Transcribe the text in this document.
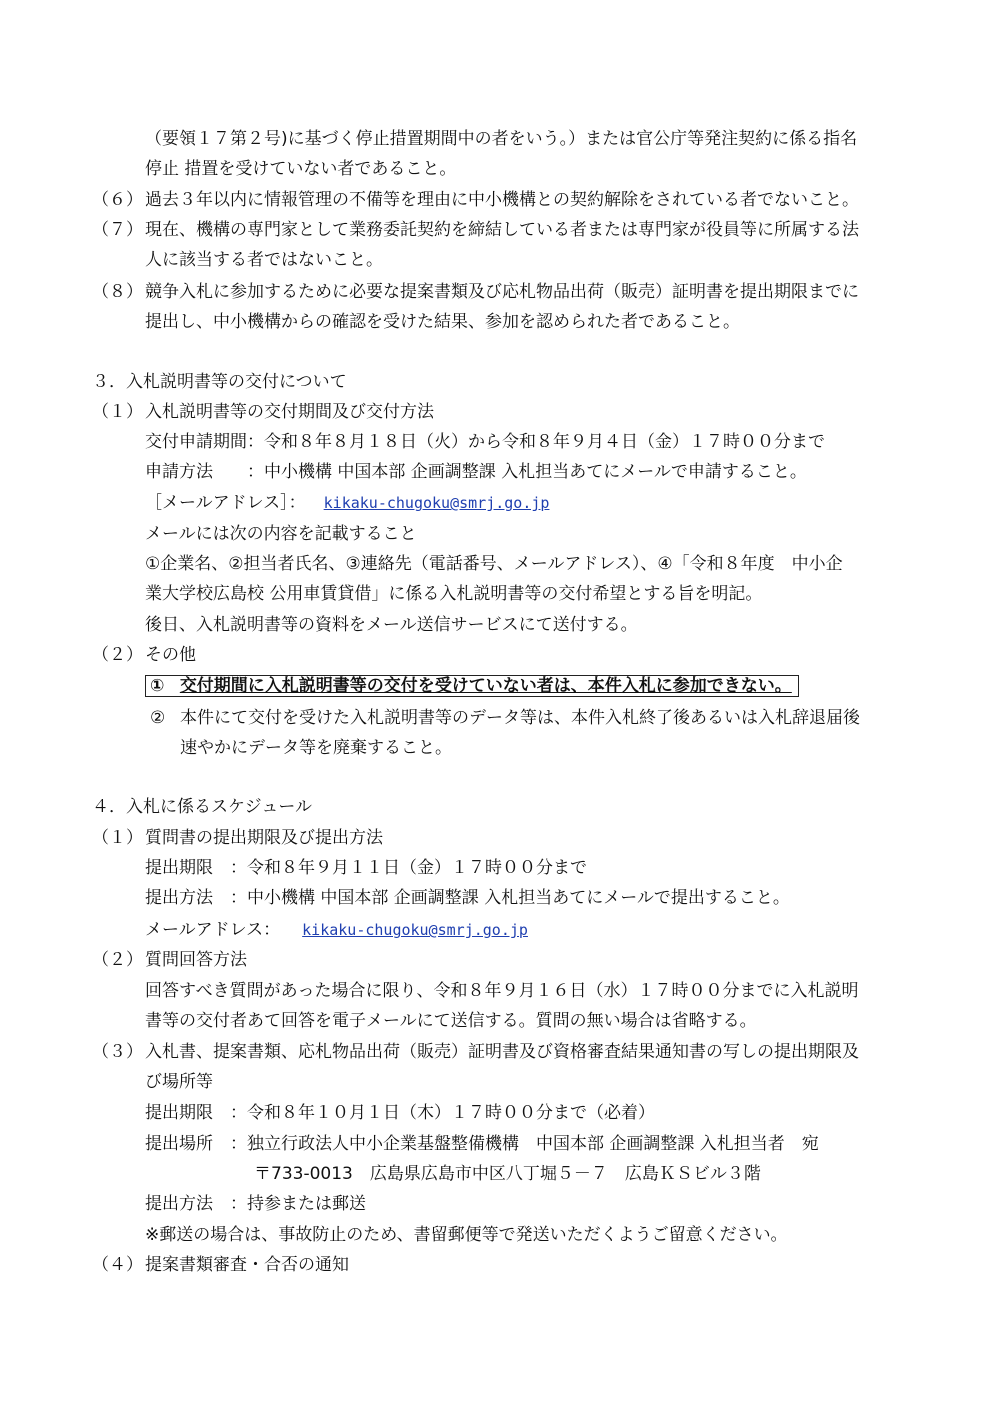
（要領１７第２号)に基づく停止措置期間中の者をいう。）または官公庁等発注契約に係る指名
停止 措置を受けていない者であること。
（６） 過去３年以内に情報管理の不備等を理由に中小機構との契約解除をされている者でないこと。
（７） 現在、機構の専門家として業務委託契約を締結している者または専門家が役員等に所属する法
人に該当する者ではないこと。
（８） 競争入札に参加するために必要な提案書類及び応札物品出荷（販売）証明書を提出期限までに
提出し、中小機構からの確認を受けた結果、参加を認められた者であること。
３．入札説明書等の交付について
（１） 入札説明書等の交付期間及び交付方法
交付申請期間：令和８年８月１８日（火）から令和８年９月４日（金）１７時００分まで
申請方法　　：中小機構 中国本部 企画調整課 入札担当あてにメールで申請すること。
［メールアドレス］： kikaku-chugoku@smrj.go.jp
メールには次の内容を記載すること
①企業名、②担当者氏名、③連絡先（電話番号、メールアドレス）、④「令和８年度　中小企
業大学校広島校 公用車賃貸借」に係る入札説明書等の交付希望とする旨を明記。
後日、入札説明書等の資料をメール送信サービスにて送付する。
（２） その他
① 交付期間に入札説明書等の交付を受けていない者は、本件入札に参加できない。
② 本件にて交付を受けた入札説明書等のデータ等は、本件入札終了後あるいは入札辞退届後
速やかにデータ等を廃棄すること。
４．入札に係るスケジュール
（１） 質問書の提出期限及び提出方法
提出期限　：令和８年９月１１日（金）１７時００分まで
提出方法　：中小機構 中国本部 企画調整課 入札担当あてにメールで提出すること。
メールアドレス： kikaku-chugoku@smrj.go.jp
（２） 質問回答方法
回答すべき質問があった場合に限り、令和８年９月１６日（水）１７時００分までに入札説明
書等の交付者あて回答を電子メールにて送信する。質問の無い場合は省略する。
（３） 入札書、提案書類、応札物品出荷（販売）証明書及び資格審査結果通知書の写しの提出期限及
び場所等
提出期限　：令和８年１０月１日（木）１７時００分まで（必着）
提出場所　：独立行政法人中小企業基盤整備機構　中国本部 企画調整課 入札担当者　宛
〒733-0013　広島県広島市中区八丁堀５－７　広島ＫＳビル３階
提出方法　：持参または郵送
※郵送の場合は、事故防止のため、書留郵便等で発送いただくようご留意ください。
（４） 提案書類審査・合否の通知
